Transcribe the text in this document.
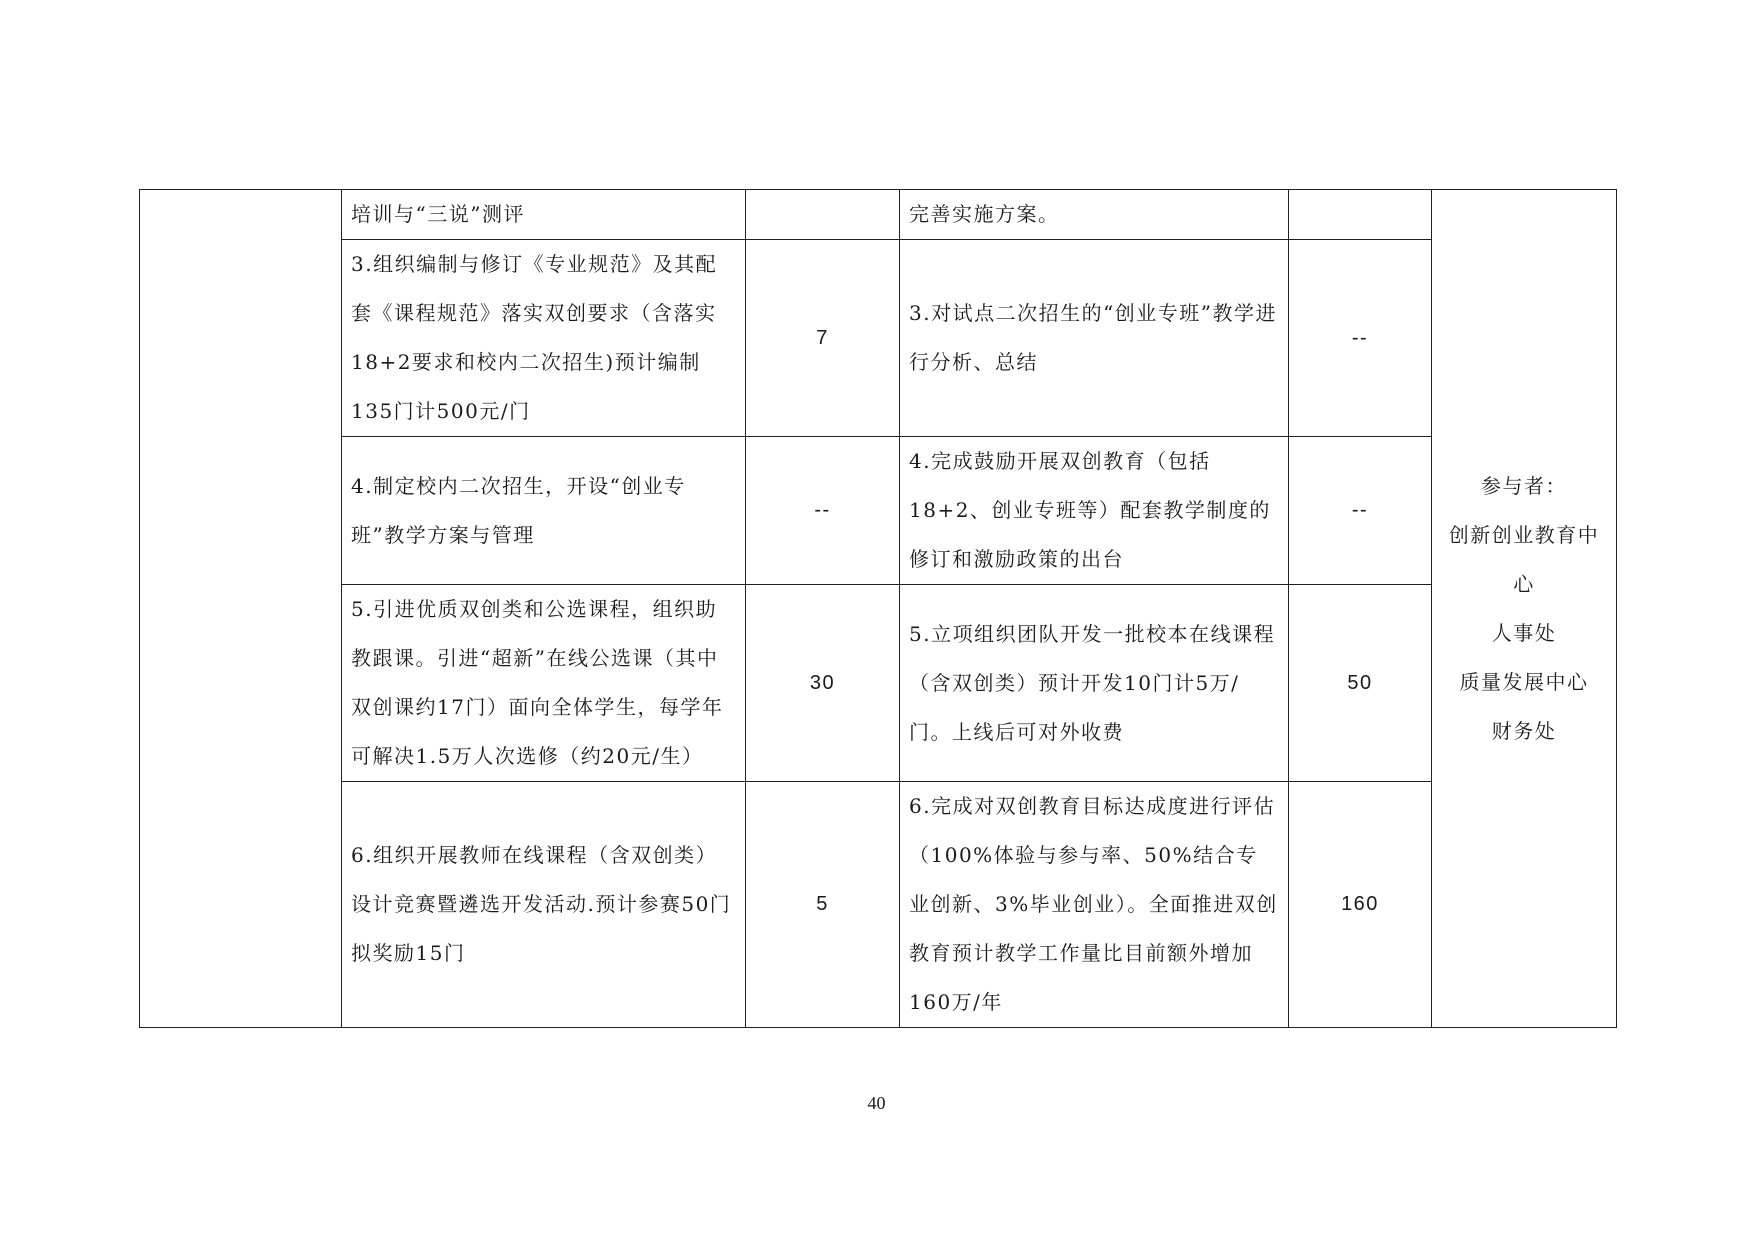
	培训与“三说”测评		完善实施方案。		参与者：
创新创业教育中心
人事处
质量发展中心
财务处

	3.组织编制与修订《专业规范》及其配套《课程规范》落实双创要求（含落实18+2要求和校内二次招生)预计编制135门计500元/门	7	3.对试点二次招生的“创业专班”教学进行分析、总结	--	
	4.制定校内二次招生，开设“创业专班”教学方案与管理	--	4.完成鼓励开展双创教育（包括18+2、创业专班等）配套教学制度的修订和激励政策的出台	--	
	5.引进优质双创类和公选课程，组织助教跟课。引进“超新”在线公选课（其中双创课约17门）面向全体学生，每学年可解决1.5万人次选修（约20元/生）	30	5.立项组织团队开发一批校本在线课程（含双创类）预计开发10门计5万/门。上线后可对外收费	50	
	6.组织开展教师在线课程（含双创类）设计竞赛暨遴选开发活动.预计参赛50门拟奖励15门	5	6.完成对双创教育目标达成度进行评估（100%体验与参与率、50%结合专业创新、3%毕业创业）。全面推进双创教育预计教学工作量比目前额外增加160万/年	160	
40
